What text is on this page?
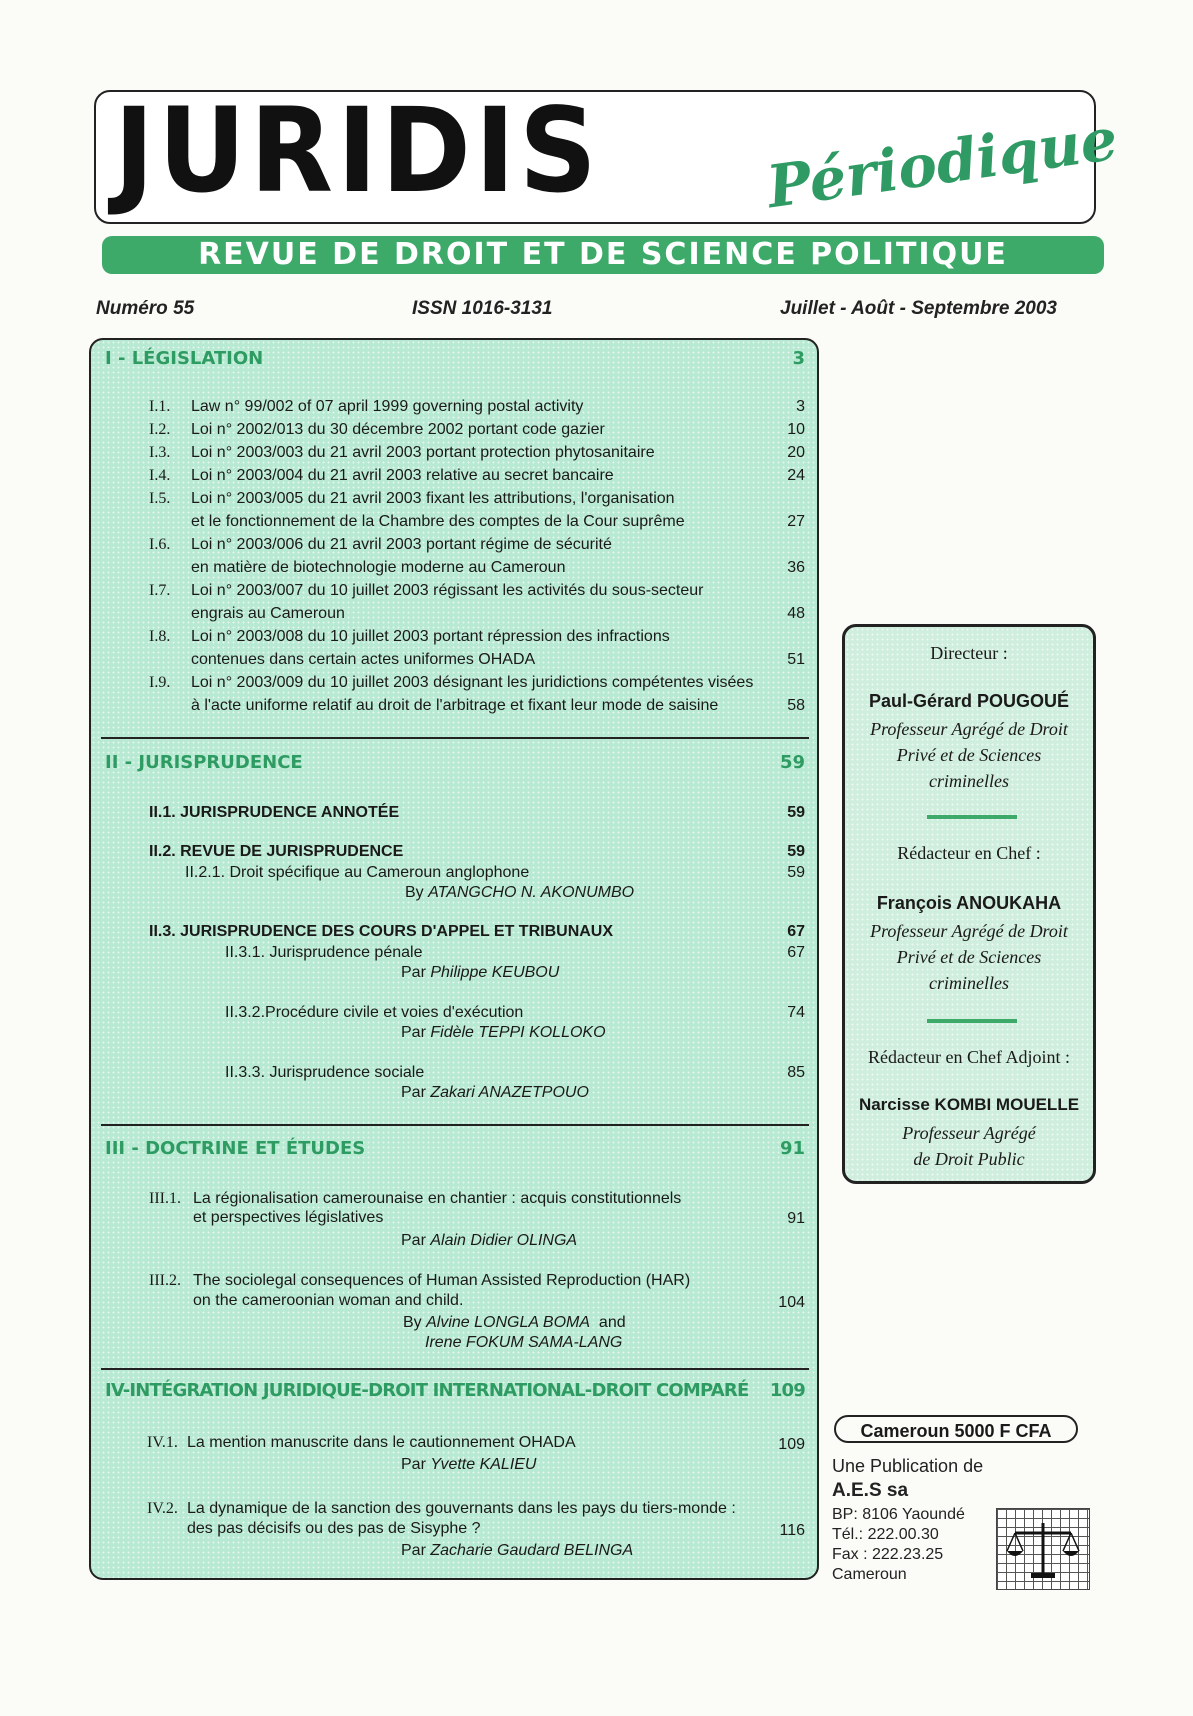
JURIDIS	Périodique
REVUE DE DROIT ET DE SCIENCE POLITIQUE
Numéro 55	ISSN 1016-3131	Juillet - Août - Septembre 2003
I - LÉGISLATION	3
I.1. Law n° 99/002 of 07 april 1999 governing postal activity	3
I.2. Loi n° 2002/013 du 30 décembre 2002 portant code gazier	10
I.3. Loi n° 2003/003 du 21 avril 2003 portant protection phytosanitaire	20
I.4. Loi n° 2003/004 du 21 avril 2003 relative au secret bancaire	24
I.5. Loi n° 2003/005 du 21 avril 2003 fixant les attributions, l'organisation
et le fonctionnement de la Chambre des comptes de la Cour suprême	27
I.6. Loi n° 2003/006 du 21 avril 2003 portant régime de sécurité
en matière de biotechnologie moderne au Cameroun	36
I.7. Loi n° 2003/007 du 10 juillet 2003 régissant les activités du sous-secteur
engrais au Cameroun	48
I.8. Loi n° 2003/008 du 10 juillet 2003 portant répression des infractions
contenues dans certain actes uniformes OHADA	51
I.9. Loi n° 2003/009 du 10 juillet 2003 désignant les juridictions compétentes visées
à l'acte uniforme relatif au droit de l'arbitrage et fixant leur mode de saisine	58
II - JURISPRUDENCE	59
II.1. JURISPRUDENCE ANNOTÉE	59
II.2. REVUE DE JURISPRUDENCE	59
II.2.1. Droit spécifique au Cameroun anglophone	59
By ATANGCHO N. AKONUMBO
II.3. JURISPRUDENCE DES COURS D'APPEL ET TRIBUNAUX	67
II.3.1. Jurisprudence pénale	67
Par Philippe KEUBOU
II.3.2.Procédure civile et voies d'exécution	74
Par Fidèle TEPPI KOLLOKO
II.3.3. Jurisprudence sociale	85
Par Zakari ANAZETPOUO
III - DOCTRINE ET ÉTUDES	91
III.1. La régionalisation camerounaise en chantier : acquis constitutionnels
et perspectives législatives	91
Par Alain Didier OLINGA
III.2. The sociolegal consequences of Human Assisted Reproduction (HAR)
on the cameroonian woman and child.	104
By Alvine LONGLA BOMA and
Irene FOKUM SAMA-LANG
IV-INTÉGRATION JURIDIQUE-DROIT INTERNATIONAL-DROIT COMPARÉ 109
IV.1. La mention manuscrite dans le cautionnement OHADA	109
Par Yvette KALIEU
IV.2. La dynamique de la sanction des gouvernants dans les pays du tiers-monde :
des pas décisifs ou des pas de Sisyphe ?	116
Par Zacharie Gaudard BELINGA
Directeur :
Paul-Gérard POUGOUÉ
Professeur Agrégé de Droit
Privé et de Sciences
criminelles
Rédacteur en Chef :
François ANOUKAHA
Professeur Agrégé de Droit
Privé et de Sciences
criminelles
Rédacteur en Chef Adjoint :
Narcisse KOMBI MOUELLE
Professeur Agrégé
de Droit Public
Cameroun 5000 F CFA
Une Publication de
A.E.S sa
BP: 8106 Yaoundé
Tél.: 222.00.30
Fax : 222.23.25
Cameroun
